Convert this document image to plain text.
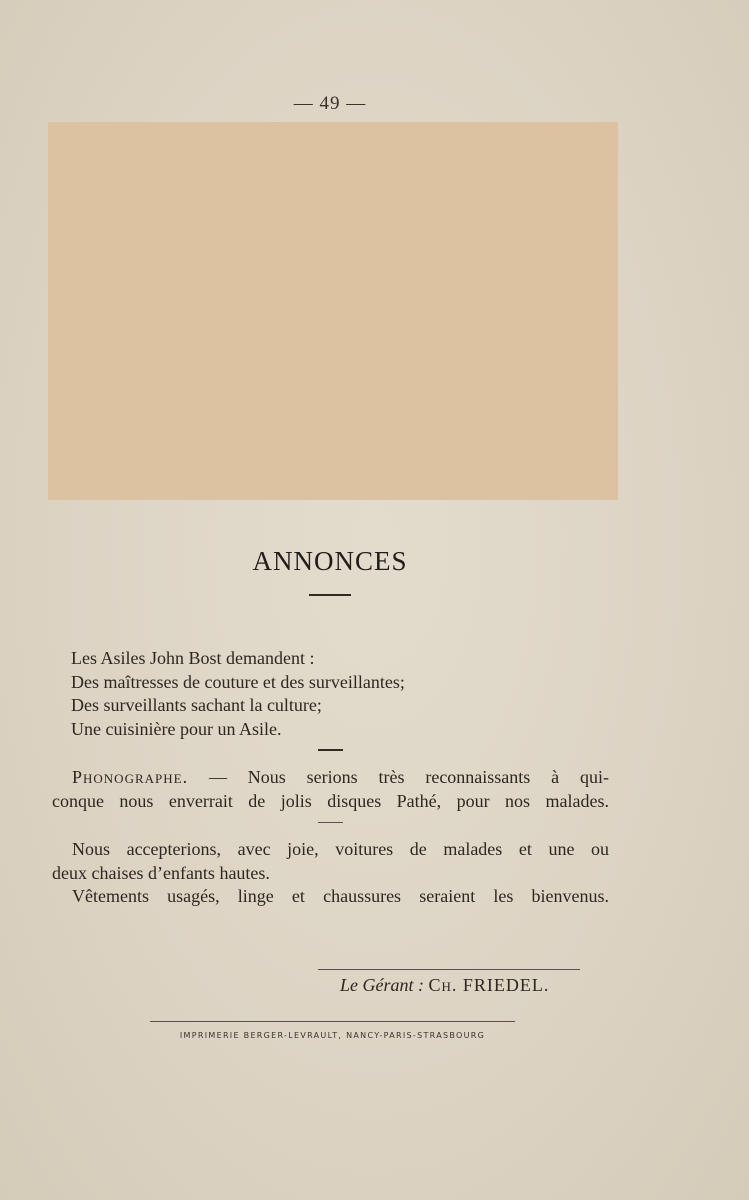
— 49 —
ANNONCES
Les Asiles John Bost demandent :
Des maîtresses de couture et des surveillantes;
Des surveillants sachant la culture;
Une cuisinière pour un Asile.
Phonographe. — Nous serions très reconnaissants à qui-
conque nous enverrait de jolis disques Pathé, pour nos malades.
Nous accepterions, avec joie, voitures de malades et une ou
deux chaises d’enfants hautes.
Vêtements usagés, linge et chaussures seraient les bienvenus.
Le Gérant : Ch. FRIEDEL.
IMPRIMERIE BERGER-LEVRAULT, NANCY-PARIS-STRASBOURG
